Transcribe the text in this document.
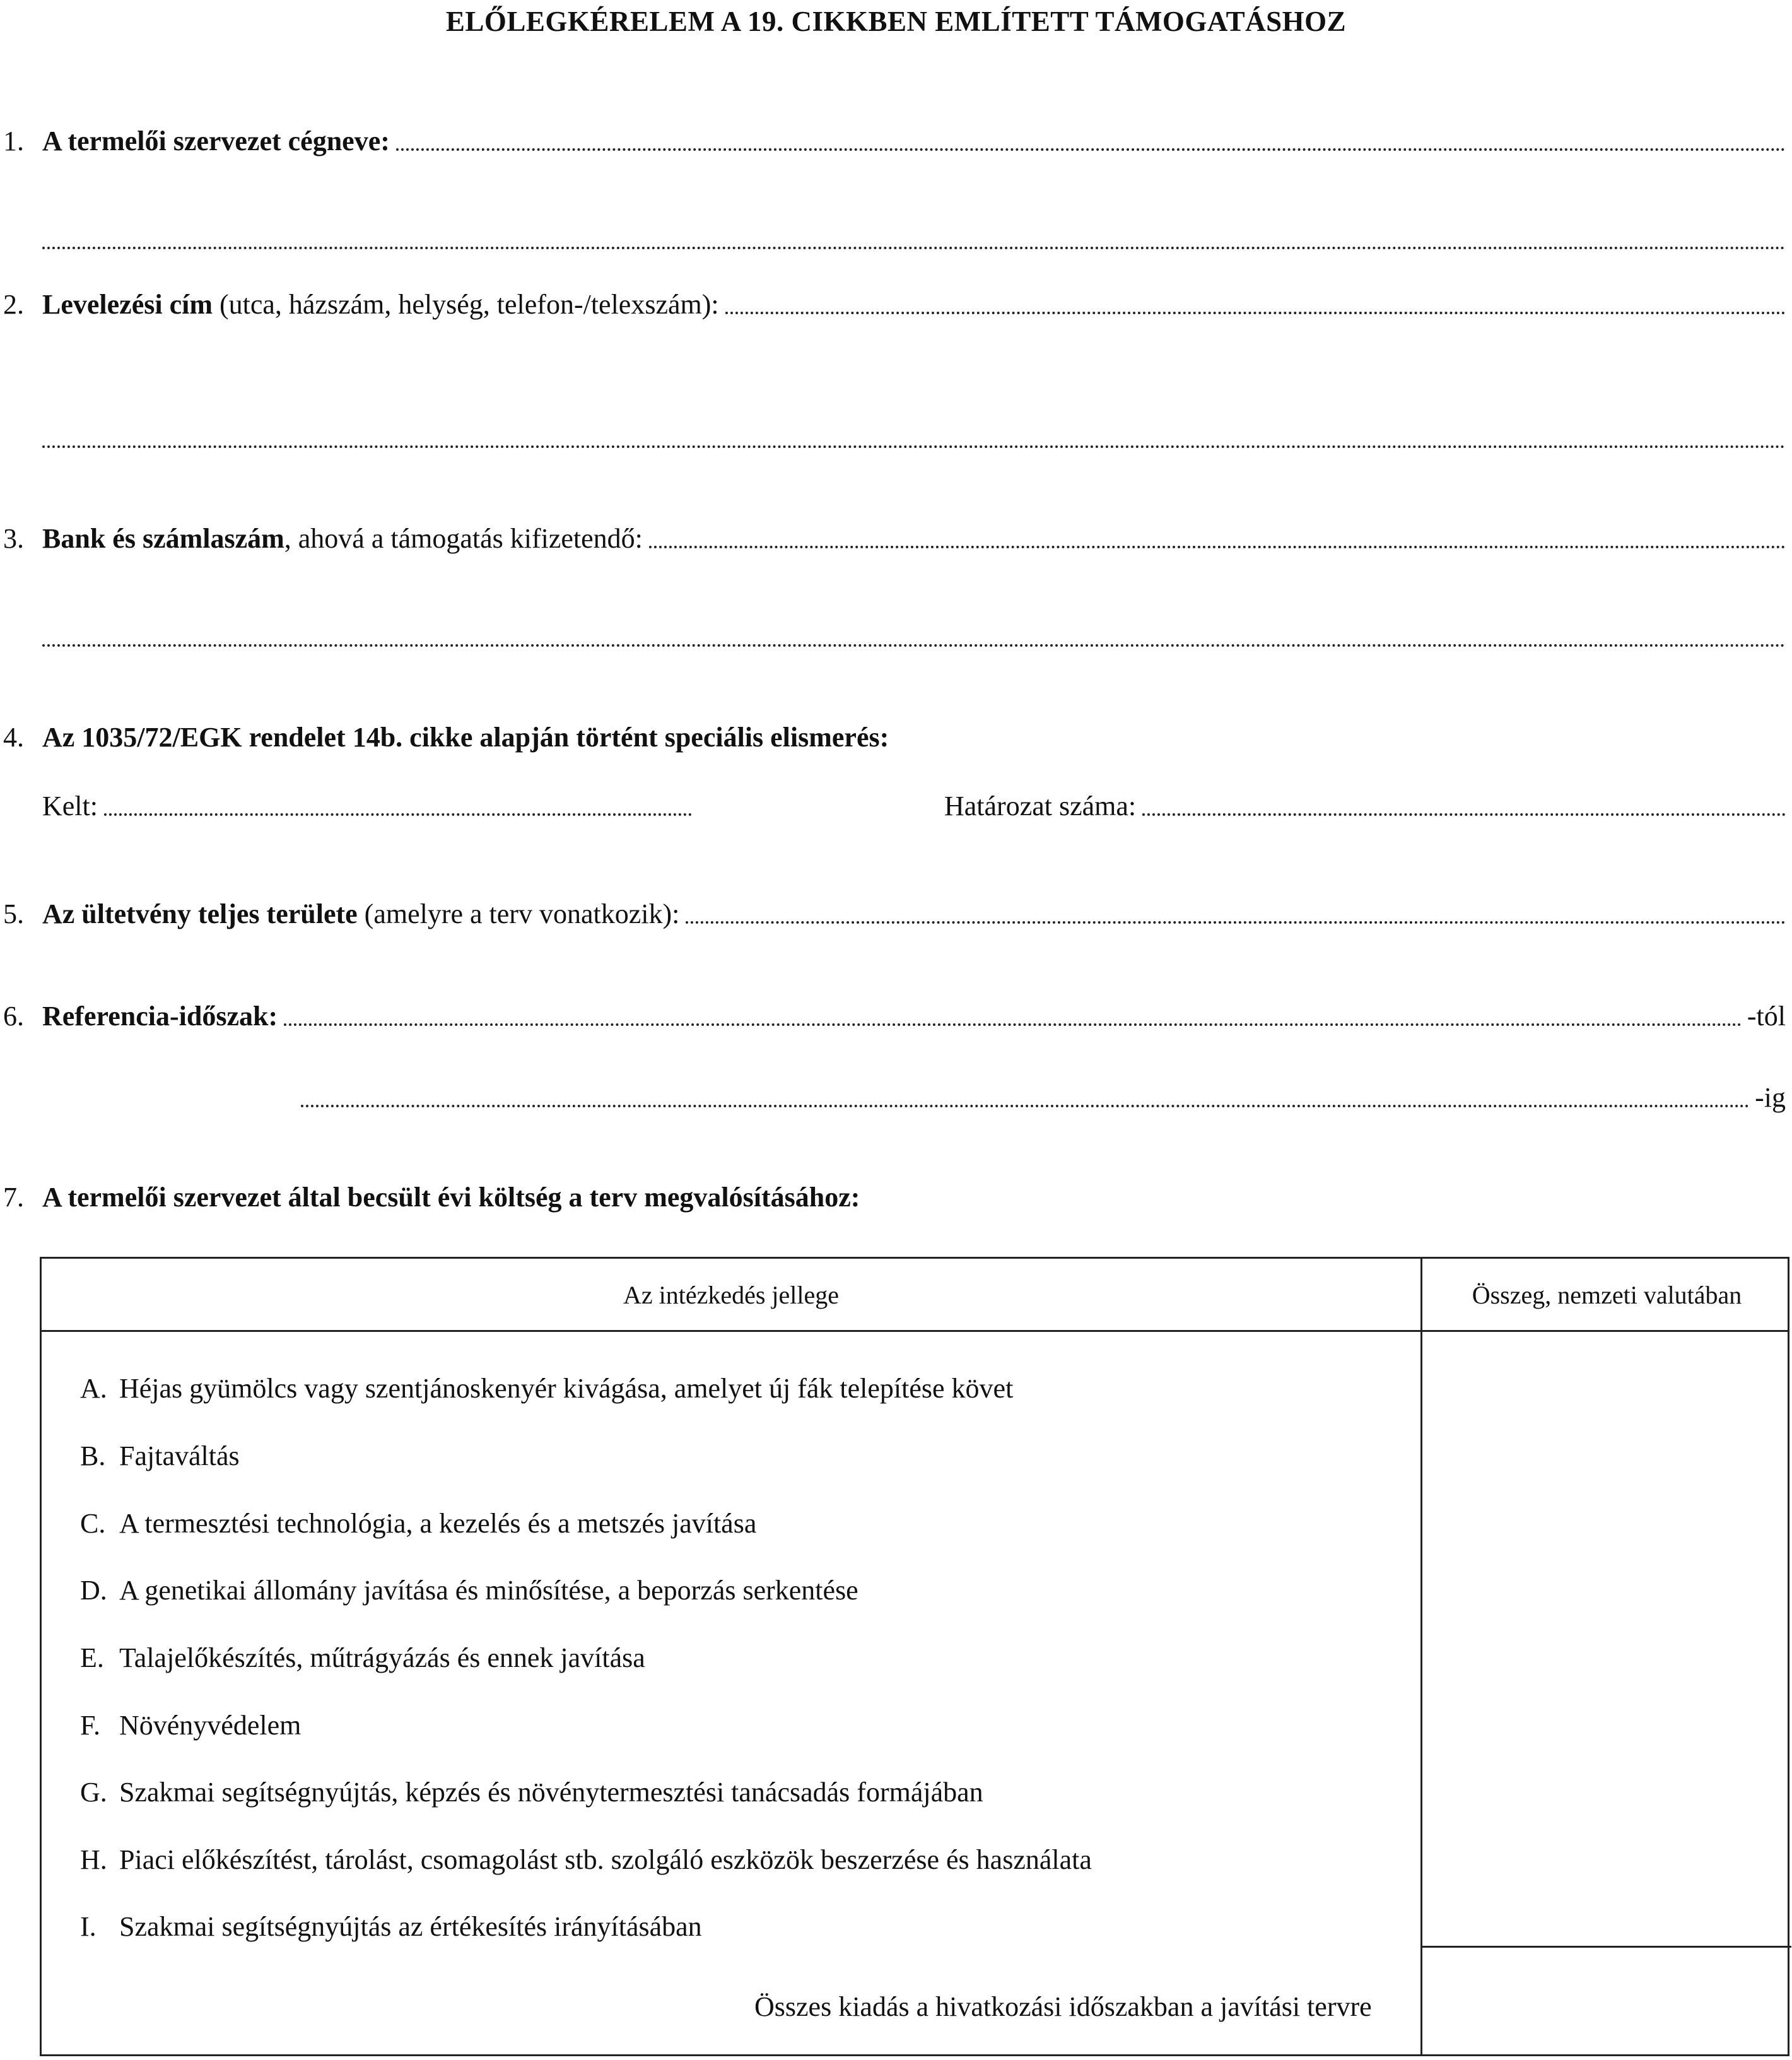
ELŐLEGKÉRELEM A 19. CIKKBEN EMLÍTETT TÁMOGATÁSHOZ
1. A termelői szervezet cégneve:
2. Levelezési cím (utca, házszám, helység, telefon-/telexszám):
3. Bank és számlaszám , ahová a támogatás kifizetendő:
4. Az 1035/72/EGK rendelet 14b. cikke alapján történt speciális elismerés:
Kelt:	Határozat száma:
5. Az ültetvény teljes területe (amelyre a terv vonatkozik):
6. Referencia-időszak:	-tól
-ig
7. A termelői szervezet által becsült évi költség a terv megvalósításához:
Az intézkedés jellege	Összeg, nemzeti valutában
A. Héjas gyümölcs vagy szentjánoskenyér kivágása, amelyet új fák telepítése követ
B. Fajtaváltás
C. A termesztési technológia, a kezelés és a metszés javítása
D. A genetikai állomány javítása és minősítése, a beporzás serkentése
E. Talajelőkészítés, műtrágyázás és ennek javítása
F. Növényvédelem
G. Szakmai segítségnyújtás, képzés és növénytermesztési tanácsadás formájában
H. Piaci előkészítést, tárolást, csomagolást stb. szolgáló eszközök beszerzése és használata
I. Szakmai segítségnyújtás az értékesítés irányításában
Összes kiadás a hivatkozási időszakban a javítási tervre
